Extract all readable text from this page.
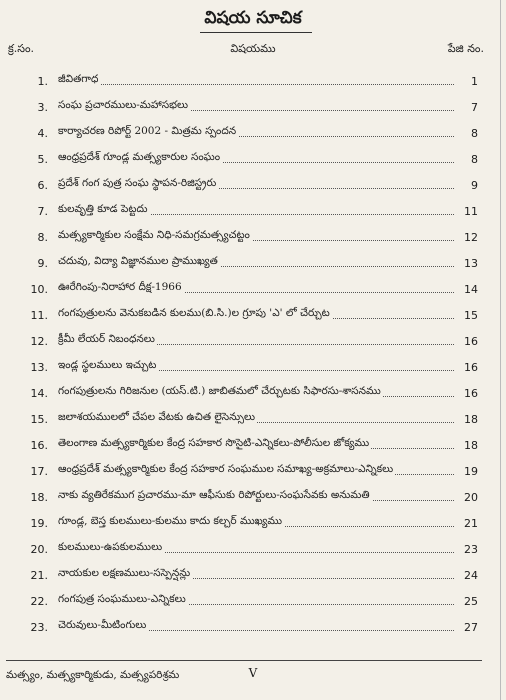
విషయ సూచిక
క్ర.సం.	విషయము	పేజి నం.
1. జీవితగాధ	1
3. సంఘ ప్రచారములు-మహాసభలు	7
4. కార్యాచరణ రిపోర్ట్ 2002 - మిత్రమ స్పందన	8
5. ఆంధ్రప్రదేశ్ గూండ్ల మత్స్యకారుల సంఘం	8
6. ప్రదేశ్ గంగ పుత్ర సంఘ స్థాపన-రిజిస్ట్రరు	9
7. కులవృత్తి కూడ పెట్టదు	11
8. మత్స్యకార్మికుల సంక్షేమ నిధి-సమగ్రమత్స్యచట్టం	12
9. చదువు, విద్యా విజ్ఞానముల ప్రాముఖ్యత	13
10. ఊరేగింపు-నిరాహార దీక్ష-1966	14
11. గంగపుత్రులను వెనుకబడిన కులము(బి.సి.)ల గ్రూపు 'ఎ' లో చేర్చుట	15
12. క్రీమీ లేయర్ నిబంధనలు	16
13. ఇండ్ల స్థలములు ఇచ్చుట	16
14. గంగపుత్రులను గిరిజనుల (యస్.టి.) జాబితమలో చేర్చుటకు సిఫారసు-శాసనము	16
15. జలాశయములలో చేపల వేటకు ఉచిత లైసెన్సులు	18
16. తెలంగాణ మత్స్యకార్మికుల కేంద్ర సహకార సొసైటి-ఎన్నికలు-పోలీసుల జోక్యము	18
17. ఆంధ్రప్రదేశ్ మత్స్యకార్మికుల కేంద్ర సహకార సంఘముల సమాఖ్య-అక్రమాలు-ఎన్నికలు	19
18. నాకు వ్యతిరేకముగ ప్రచారము-మా ఆఫీసుకు రిపోర్టులు-సంఘసేవకు అనుమతి	20
19. గూండ్ల, బెస్త కులములు-కులము కాదు కల్చర్ ముఖ్యము	21
20. కులములు-ఉపకులములు	23
21. నాయకుల లక్షణములు-సస్పెన్షన్లు	24
22. గంగపుత్ర సంఘములు-ఎన్నికలు	25
23. చెరువులు-మీటింగులు	27
మత్స్యం, మత్స్యకార్మికుడు, మత్స్యపరిశ్రమ	V
